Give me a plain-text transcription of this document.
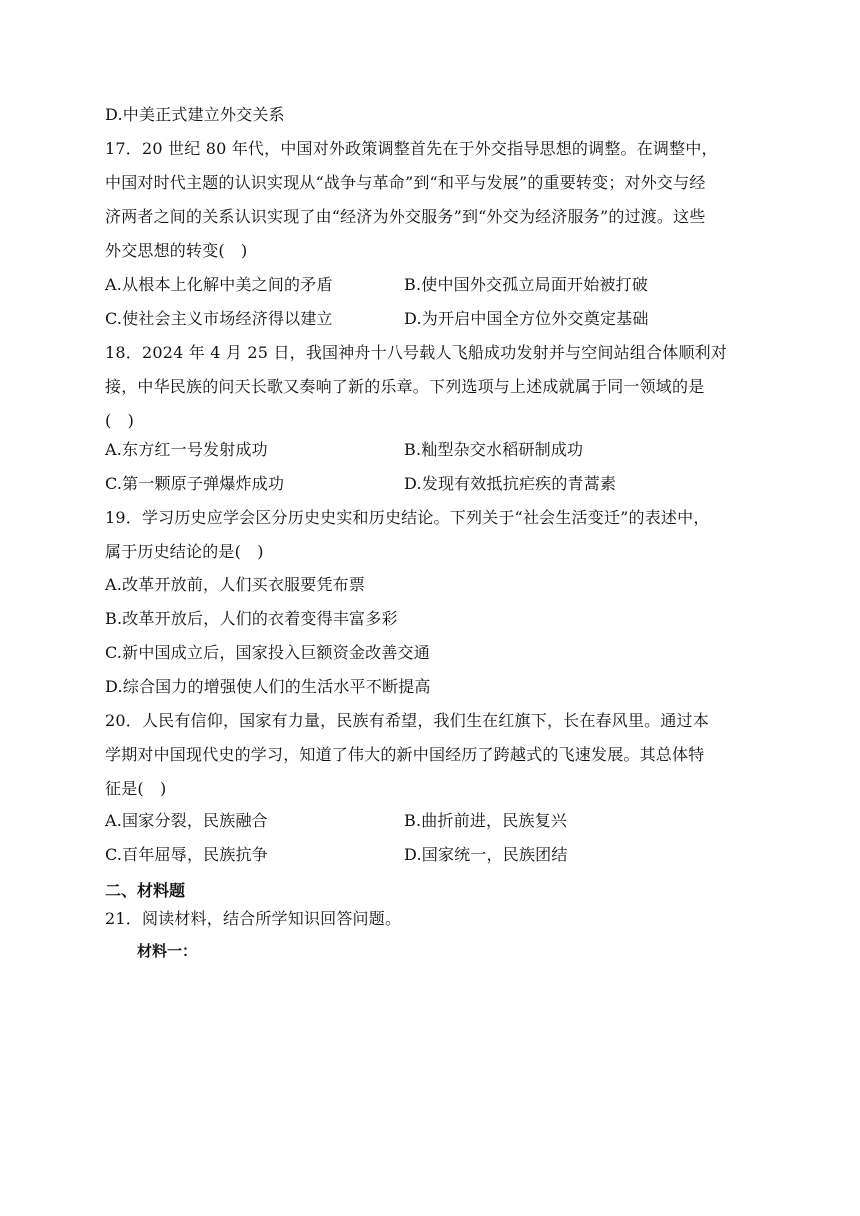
D.中美正式建立外交关系
17．20 世纪 80 年代，中国对外政策调整首先在于外交指导思想的调整。在调整中，
中国对时代主题的认识实现从“战争与革命”到“和平与发展”的重要转变；对外交与经
济两者之间的关系认识实现了由“经济为外交服务”到“外交为经济服务”的过渡。这些
外交思想的转变(　)
A.从根本上化解中美之间的矛盾	B.使中国外交孤立局面开始被打破
C.使社会主义市场经济得以建立	D.为开启中国全方位外交奠定基础
18．2024 年 4 月 25 日，我国神舟十八号载人飞船成功发射并与空间站组合体顺利对
接，中华民族的问天长歌又奏响了新的乐章。下列选项与上述成就属于同一领域的是
(　)
A.东方红一号发射成功	B.籼型杂交水稻研制成功
C.第一颗原子弹爆炸成功	D.发现有效抵抗疟疾的青蒿素
19．学习历史应学会区分历史史实和历史结论。下列关于“社会生活变迁”的表述中，
属于历史结论的是(　)
A.改革开放前，人们买衣服要凭布票
B.改革开放后，人们的衣着变得丰富多彩
C.新中国成立后，国家投入巨额资金改善交通
D.综合国力的增强使人们的生活水平不断提高
20．人民有信仰，国家有力量，民族有希望，我们生在红旗下，长在春风里。通过本
学期对中国现代史的学习，知道了伟大的新中国经历了跨越式的飞速发展。其总体特
征是(　)
A.国家分裂，民族融合	B.曲折前进，民族复兴
C.百年屈辱，民族抗争	D.国家统一，民族团结
二、材料题
21．阅读材料，结合所学知识回答问题。
材料一：
